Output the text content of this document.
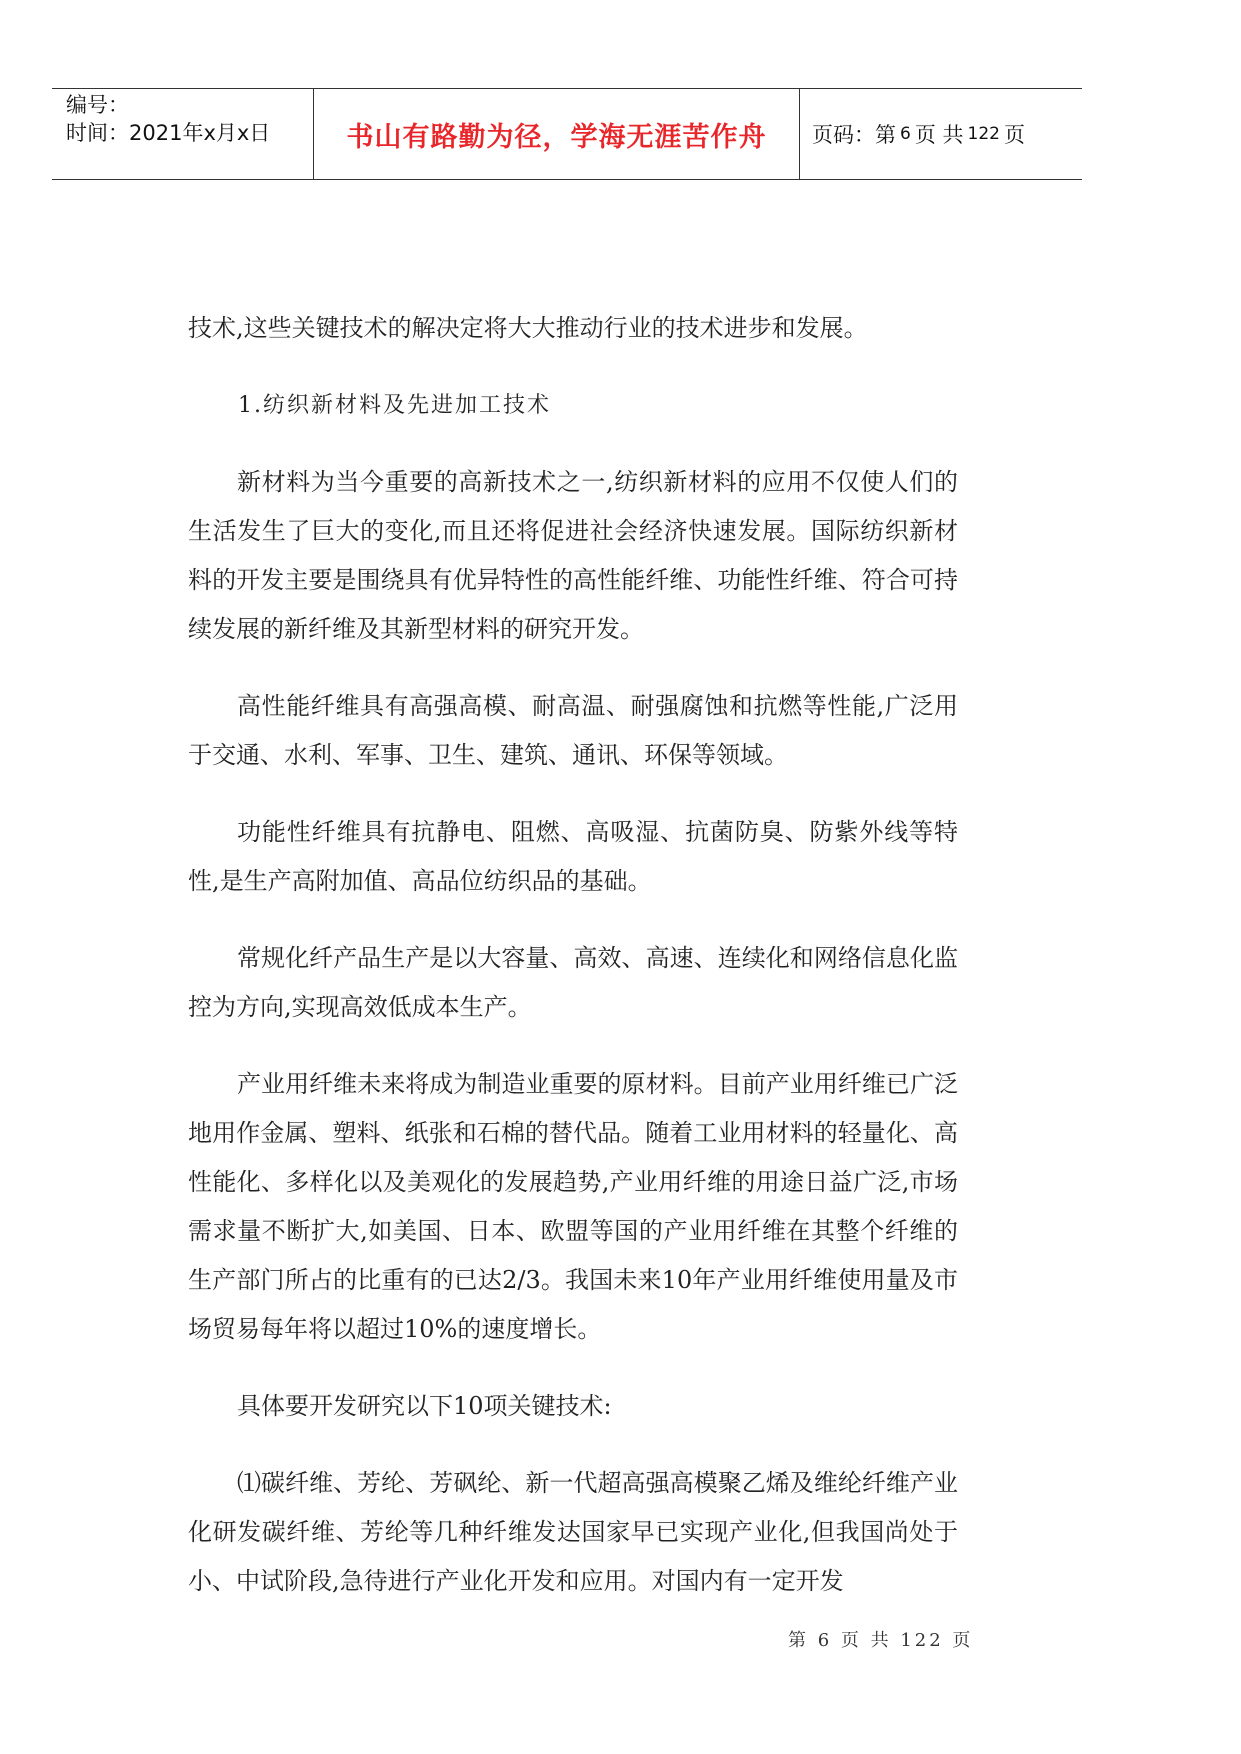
编号：
时间：2021年x月x日	书山有路勤为径，学海无涯苦作舟 页码：第 6 页 共 122 页

技术,这些关键技术的解决定将大大推动行业的技术进步和发展。

1.纺织新材料及先进加工技术

新材料为当今重要的高新技术之一,纺织新材料的应用不仅使人们的生活发生了巨大的变化,而且还将促进社会经济快速发展。国际纺织新材料的开发主要是围绕具有优异特性的高性能纤维、功能性纤维、符合可持续发展的新纤维及其新型材料的研究开发。

高性能纤维具有高强高模、耐高温、耐强腐蚀和抗燃等性能,广泛用于交通、水利、军事、卫生、建筑、通讯、环保等领域。

功能性纤维具有抗静电、阻燃、高吸湿、抗菌防臭、防紫外线等特性,是生产高附加值、高品位纺织品的基础。

常规化纤产品生产是以大容量、高效、高速、连续化和网络信息化监控为方向,实现高效低成本生产。

产业用纤维未来将成为制造业重要的原材料。目前产业用纤维已广泛地用作金属、塑料、纸张和石棉的替代品。随着工业用材料的轻量化、高性能化、多样化以及美观化的发展趋势,产业用纤维的用途日益广泛,市场需求量不断扩大,如美国、日本、欧盟等国的产业用纤维在其整个纤维的生产部门所占的比重有的已达2/3。我国未来10年产业用纤维使用量及市场贸易每年将以超过10%的速度增长。

具体要开发研究以下10项关键技术:

⑴碳纤维、芳纶、芳砜纶、新一代超高强高模聚乙烯及维纶纤维产业化研发碳纤维、芳纶等几种纤维发达国家早已实现产业化,但我国尚处于小、中试阶段,急待进行产业化开发和应用。对国内有一定开发

第 6 页 共 122 页
